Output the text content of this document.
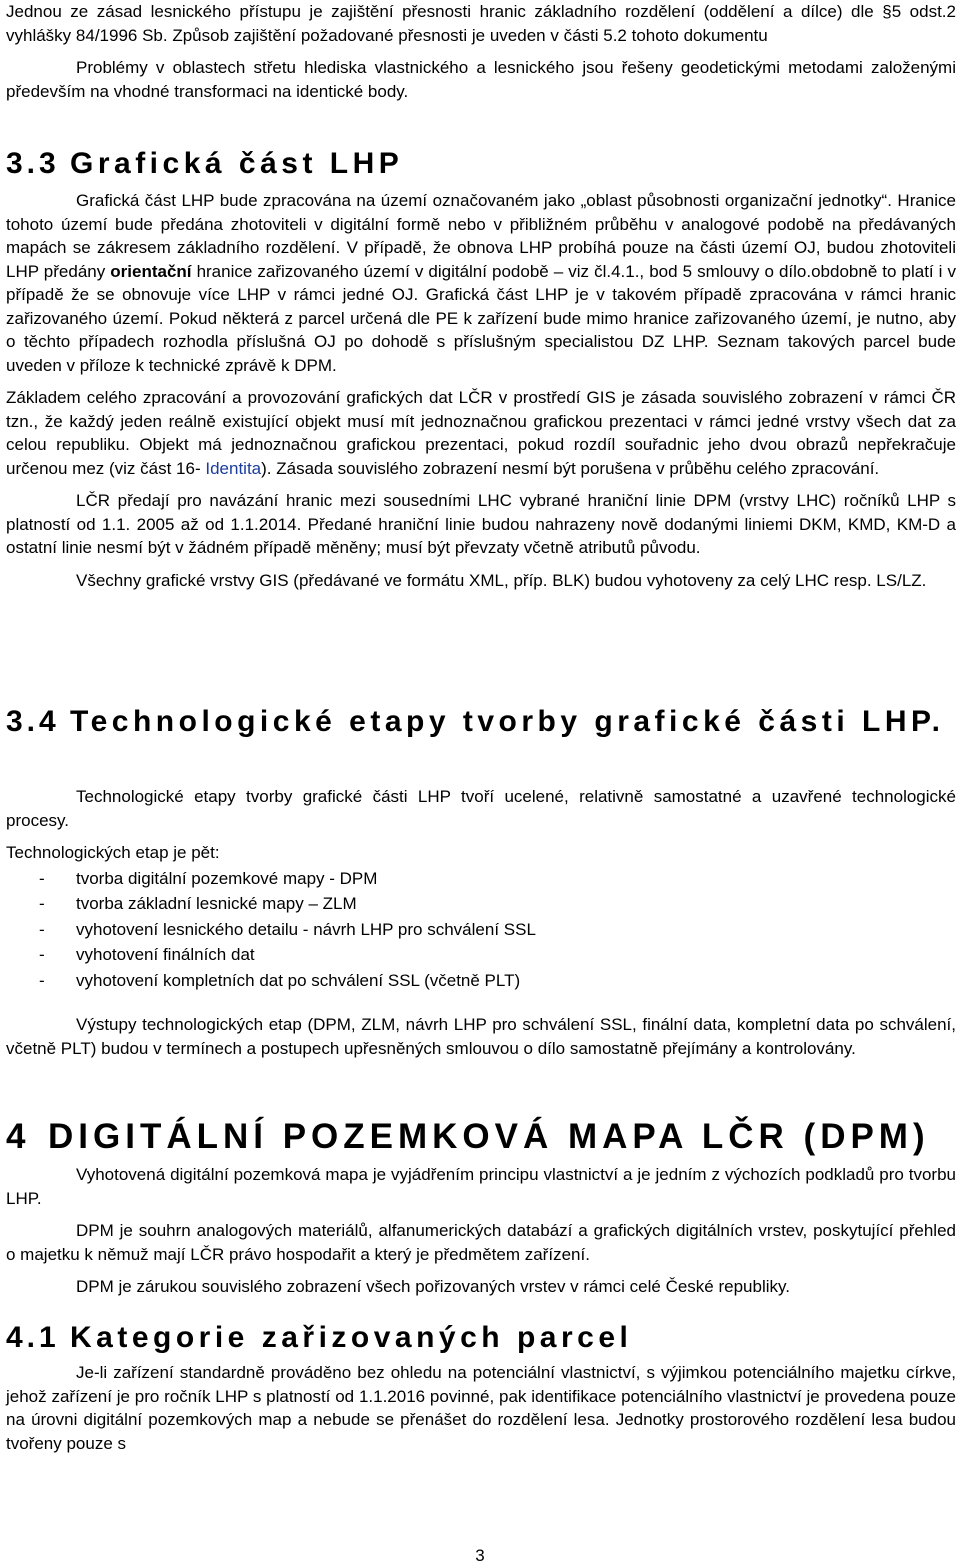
Jednou ze zásad lesnického přístupu je zajištění přesnosti hranic základního rozdělení (oddělení a dílce) dle §5 odst.2 vyhlášky 84/1996 Sb. Způsob zajištění požadované přesnosti je uveden v části 5.2 tohoto dokumentu

Problémy v oblastech střetu hlediska vlastnického a lesnického jsou řešeny geodetickými metodami založenými především na vhodné transformaci na identické body.

3.3 Grafická část LHP

Grafická část LHP bude zpracována na území označovaném jako „oblast působnosti organizační jednotky“. Hranice tohoto území bude předána zhotoviteli v digitální formě nebo v přibližném průběhu v analogové podobě na předávaných mapách se zákresem základního rozdělení. V případě, že obnova LHP probíhá pouze na části území OJ, budou zhotoviteli LHP předány orientační hranice zařizovaného území v digitální podobě – viz čl.4.1., bod 5 smlouvy o dílo.obdobně to platí i v případě že se obnovuje více LHP v rámci jedné OJ. Grafická část LHP je v takovém případě zpracována v rámci hranic zařizovaného území. Pokud některá z parcel určená dle PE k zařízení bude mimo hranice zařizovaného území, je nutno, aby o těchto případech rozhodla příslušná OJ po dohodě s příslušným specialistou DZ LHP. Seznam takových parcel bude uveden v příloze k technické zprávě k DPM.

Základem celého zpracování a provozování grafických dat LČR v prostředí GIS je zásada souvislého zobrazení v rámci ČR tzn., že každý jeden reálně existující objekt musí mít jednoznačnou grafickou prezentaci v rámci jedné vrstvy všech dat za celou republiku. Objekt má jednoznačnou grafickou prezentaci, pokud rozdíl souřadnic jeho dvou obrazů nepřekračuje určenou mez (viz část 16- Identita). Zásada souvislého zobrazení nesmí být porušena v průběhu celého zpracování.

LČR předají pro navázání hranic mezi sousedními LHC vybrané hraniční linie DPM (vrstvy LHC) ročníků LHP s platností od 1.1. 2005 až od 1.1.2014. Předané hraniční linie budou nahrazeny nově dodanými liniemi DKM, KMD, KM-D a ostatní linie nesmí být v žádném případě měněny; musí být převzaty včetně atributů původu.

Všechny grafické vrstvy GIS (předávané ve formátu XML, příp. BLK) budou vyhotoveny za celý LHC resp. LS/LZ.

3.4 Technologické etapy tvorby grafické části LHP.

Technologické etapy tvorby grafické části LHP tvoří ucelené, relativně samostatné a uzavřené technologické procesy.

Technologických etap je pět:

- tvorba digitální pozemkové mapy - DPM
- tvorba základní lesnické mapy – ZLM
- vyhotovení lesnického detailu - návrh LHP pro schválení SSL
- vyhotovení finálních dat
- vyhotovení kompletních dat po schválení SSL (včetně PLT)

Výstupy technologických etap (DPM, ZLM, návrh LHP pro schválení SSL, finální data, kompletní data po schválení, včetně PLT) budou v termínech a postupech upřesněných smlouvou o dílo samostatně přejímány a kontrolovány.

4 DIGITÁLNÍ POZEMKOVÁ MAPA LČR (DPM)

Vyhotovená digitální pozemková mapa je vyjádřením principu vlastnictví a je jedním z výchozích podkladů pro tvorbu LHP.

DPM je souhrn analogových materiálů, alfanumerických databází a grafických digitálních vrstev, poskytující přehled o majetku k němuž mají LČR právo hospodařit a který je předmětem zařízení.

DPM je zárukou souvislého zobrazení všech pořizovaných vrstev v rámci celé České republiky.

4.1 Kategorie zařizovaných parcel

Je-li zařízení standardně prováděno bez ohledu na potenciální vlastnictví, s výjimkou potenciálního majetku církve, jehož zařízení je pro ročník LHP s platností od 1.1.2016 povinné, pak identifikace potenciálního vlastnictví je provedena pouze na úrovni digitální pozemkových map a nebude se přenášet do rozdělení lesa. Jednotky prostorového rozdělení lesa budou tvořeny pouze s

3
